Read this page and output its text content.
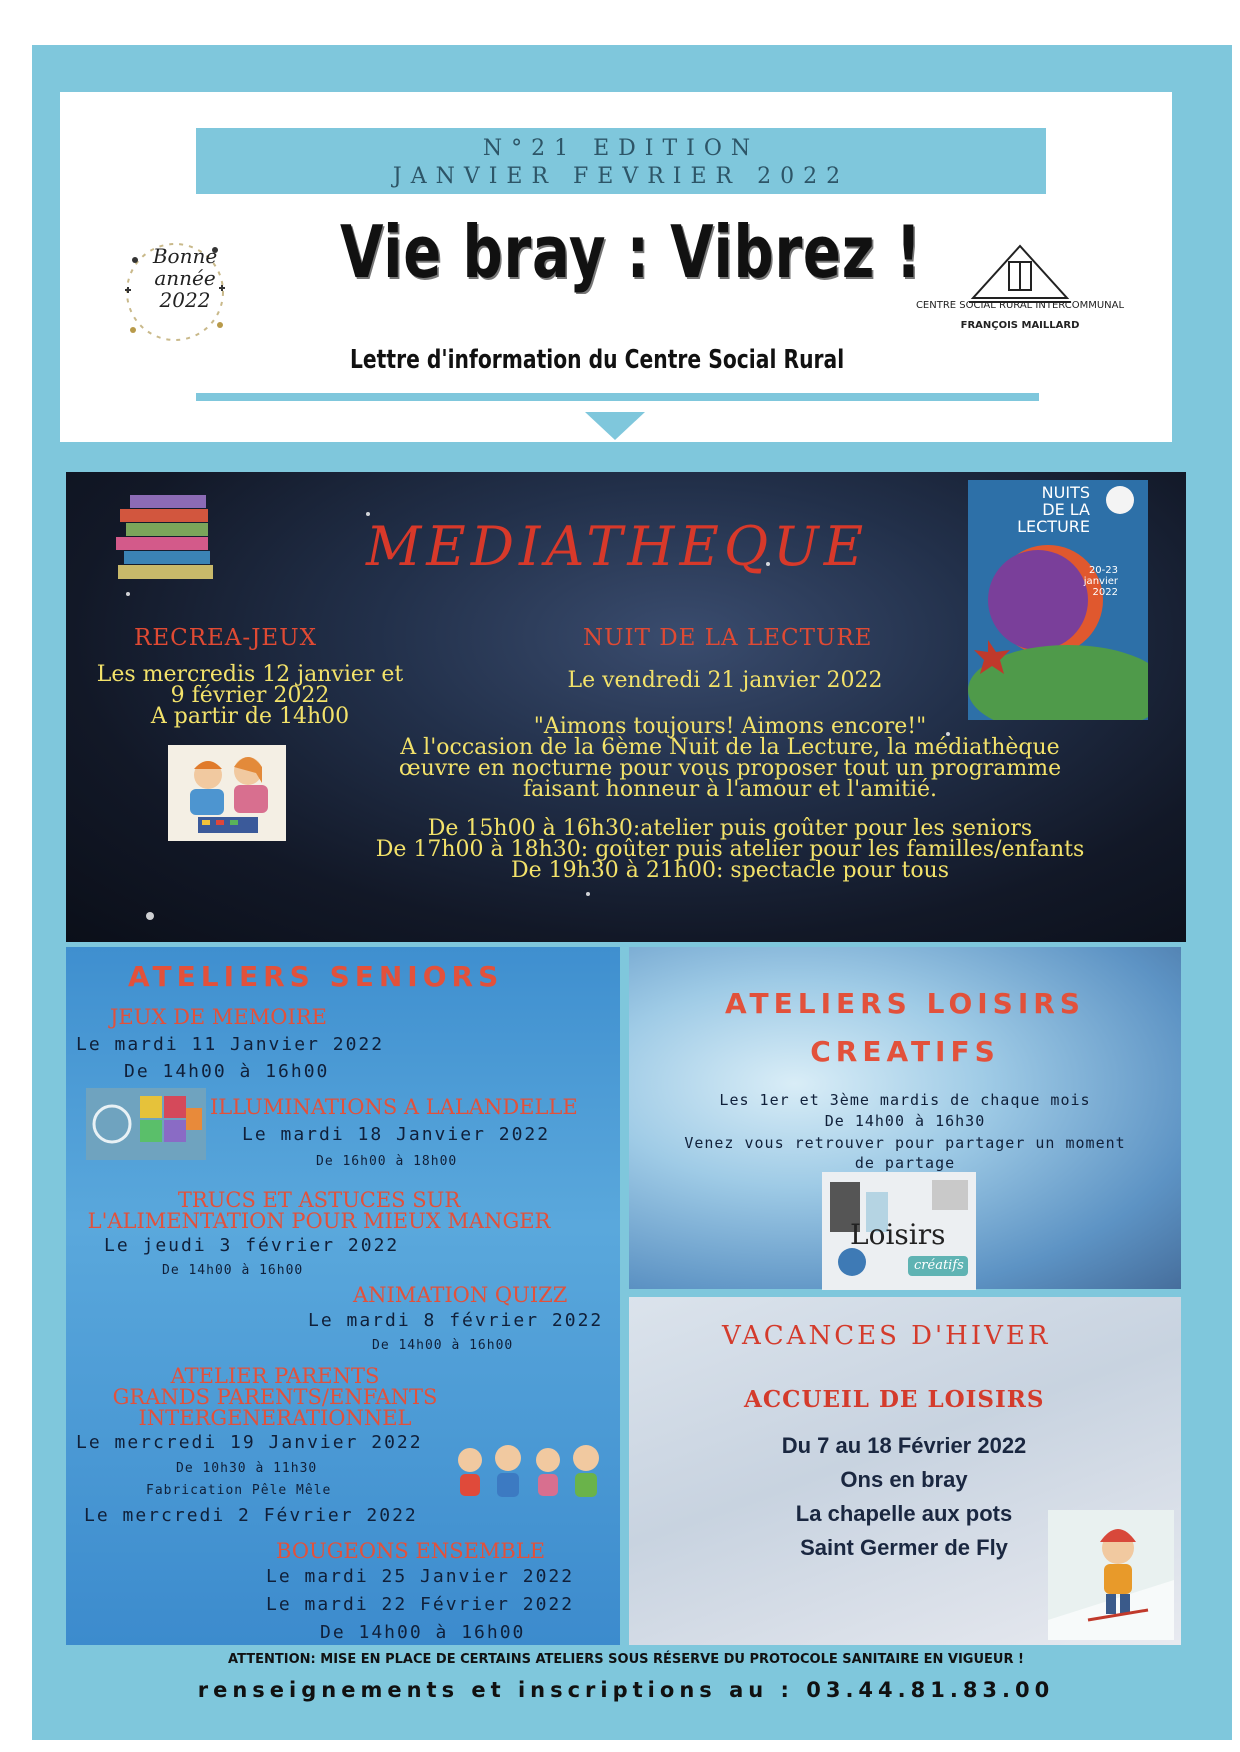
N°21 EDITION
JANVIER FEVRIER 2022
Bonne
année
2022
Vie bray : Vibrez !
Lettre d'information du Centre Social Rural
CENTRE SOCIAL RURAL INTERCOMMUNAL
FRANÇOIS MAILLARD
MEDIATHEQUE
NUITS
DE LA
LECTURE
20-23
janvier
2022
RECREA-JEUX
Les mercredis 12 janvier et
9 février 2022
A partir de 14h00
NUIT DE LA LECTURE
Le vendredi 21 janvier 2022
"Aimons toujours! Aimons encore!"
A l'occasion de la 6ème Nuit de la Lecture, la médiathèque
œuvre en nocturne pour vous proposer tout un programme
faisant honneur à l'amour et l'amitié.
De 15h00 à 16h30:atelier puis goûter pour les seniors
De 17h00 à 18h30: goûter puis atelier pour les familles/enfants
De 19h30 à 21h00: spectacle pour tous
ATELIERS SENIORS
JEUX DE MEMOIRE
Le mardi 11 Janvier 2022
De 14h00 à 16h00
ILLUMINATIONS A LALANDELLE
Le mardi 18 Janvier 2022
De 16h00 à 18h00
TRUCS ET ASTUCES SUR
L'ALIMENTATION POUR MIEUX MANGER
Le jeudi 3 février 2022
De 14h00 à 16h00
ANIMATION QUIZZ
Le mardi 8 février 2022
De 14h00 à 16h00
ATELIER PARENTS
GRANDS PARENTS/ENFANTS
INTERGENERATIONNEL
Le mercredi 19 Janvier 2022
De 10h30 à 11h30
Fabrication Pêle Mêle
Le mercredi 2 Février 2022
BOUGEONS ENSEMBLE
Le mardi 25 Janvier 2022
Le mardi 22 Février 2022
De 14h00 à 16h00
ATELIERS LOISIRS
CREATIFS
Les 1er et 3ème mardis de chaque mois
De 14h00 à 16h30
Venez vous retrouver pour partager un moment
de partage
Loisirs
créatifs
VACANCES D'HIVER
ACCUEIL DE LOISIRS
Du 7 au 18 Février 2022
Ons en bray
La chapelle aux pots
Saint Germer de Fly
ATTENTION: MISE EN PLACE DE CERTAINS ATELIERS SOUS RÉSERVE DU PROTOCOLE SANITAIRE EN VIGUEUR !
renseignements et inscriptions au : 03.44.81.83.00
